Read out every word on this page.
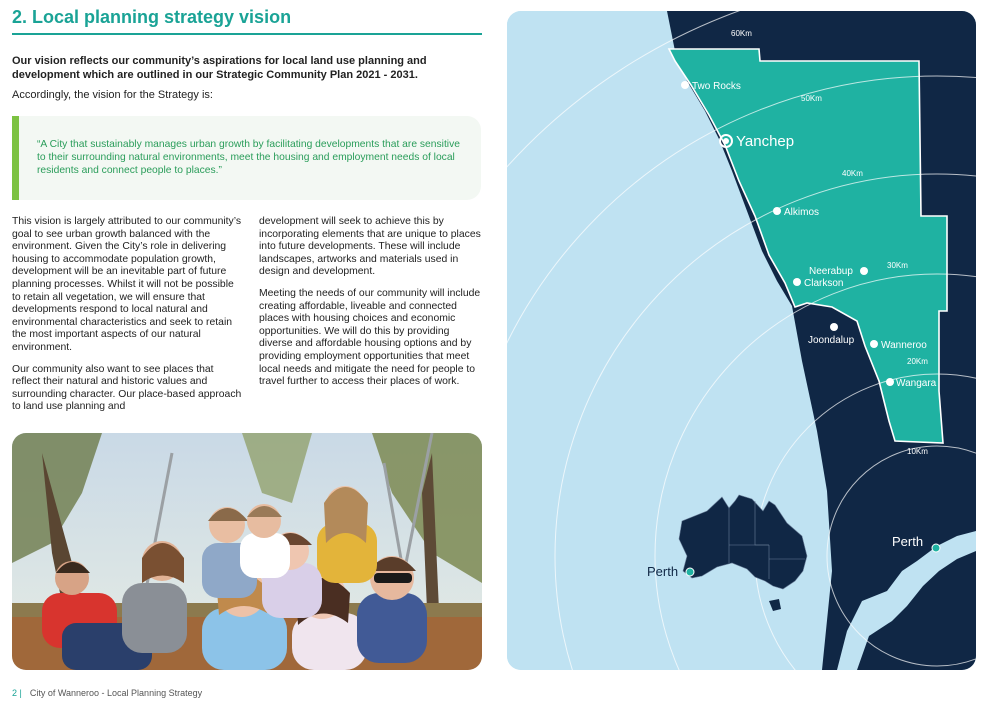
2. Local planning strategy vision

Our vision reflects our community’s aspirations for local land use planning and development which are outlined in our Strategic Community Plan 2021 - 2031.

Accordingly, the vision for the Strategy is:

“A City that sustainably manages urban growth by facilitating developments that are sensitive to their surrounding natural environments, meet the housing and employment needs of local residents and connect people to places.”

This vision is largely attributed to our community’s goal to see urban growth balanced with the environment. Given the City’s role in delivering housing to accommodate population growth, development will be an inevitable part of future planning processes. Whilst it will not be possible to retain all vegetation, we will ensure that developments respond to local natural and environmental characteristics and seek to retain the most important aspects of our natural environment.

Our community also want to see places that reflect their natural and historic values and surrounding character. Our place-based approach to land use planning and

development will seek to achieve this by incorporating elements that are unique to places into future developments. These will include landscapes, artworks and materials used in design and development.

Meeting the needs of our community will include creating affordable, liveable and connected places with housing choices and economic opportunities. We will do this by providing diverse and affordable housing options and by providing employment opportunities that meet local needs and mitigate the need for people to travel further to access their places of work.

2 | City of Wanneroo - Local Planning Strategy
60Km
50Km
40Km
30Km
20Km
10Km
Two Rocks
Yanchep
Alkimos
Neerabup
Clarkson
Joondalup	Wanneroo
Wangara
Perth
Perth
